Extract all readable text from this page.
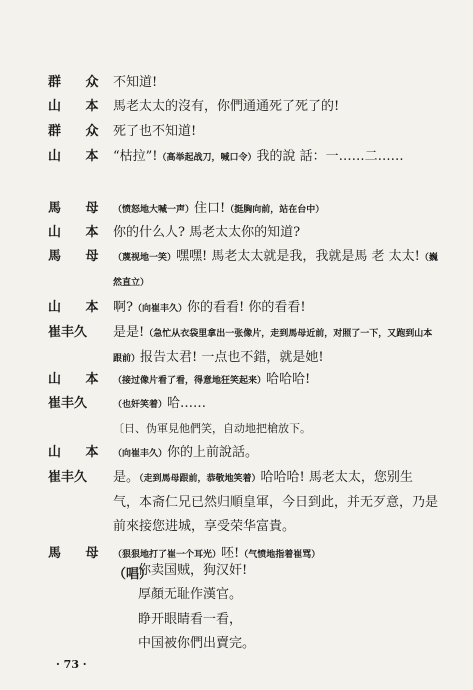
群 众 不知道!
山 本 馬老太太的沒有，你們通通死了死了的!
群 众 死了也不知道!
山 本 “枯拉”!（高举起战刀，喊口令）我的說 話：一……二……
馬 母 （愤怒地大喊一声）住口!（挺胸向前，站在台中）
山 本 你的什么人? 馬老太太你的知道?
馬 母 （蔑视地一笑）嘿嘿! 馬老太太就是我，我就是馬 老 太太!（巍然直立）
山 本 啊?（向崔丰久）你的看看! 你的看看!
崔丰久	是是!（急忙从衣袋里拿出一张像片，走到馬母近前，对照了一下，又跑到山本跟前）报告太君! 一点也不錯，就是她!
山 本 （接过像片看了看，得意地狂笑起来）哈哈哈!
崔丰久	（也奸笑着）哈……
〔日、伪軍見他們笑，自动地把槍放下。
山 本 （向崔丰久）你的上前說話。
崔丰久	是。（走到馬母跟前，恭敬地笑着）哈哈哈! 馬老太太，您别生气，本斋仁兄已然归順皇軍，今日到此，并无歹意，乃是前來接您进城，享受荣华富貴。
馬 母 （狠狠地打了崔一个耳光）呸!（气愤地指着崔骂）
（唱）
你卖国贼，狗汉奸!
厚顏无耻作漢官。
睁开眼睛看一看，
中国被你們出賣完。
· 73 ·
